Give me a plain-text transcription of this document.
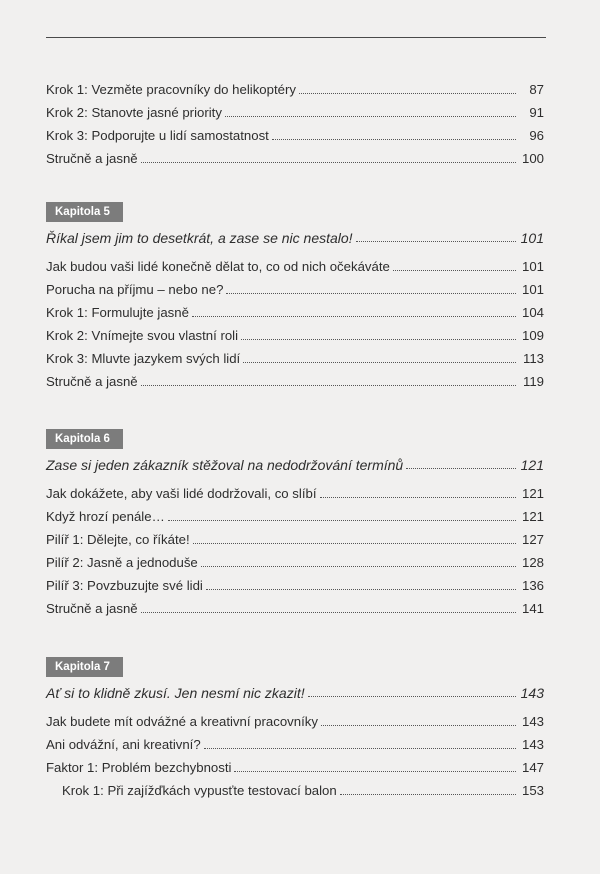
Krok 1: Vezměte pracovníky do helikoptéry	87
Krok 2: Stanovte jasné priority	91
Krok 3: Podporujte u lidí samostatnost	96
Stručně a jasně	100
Kapitola 5
Říkal jsem jim to desetkrát, a zase se nic nestalo!	101
Jak budou vaši lidé konečně dělat to, co od nich očekáváte	101
Porucha na příjmu – nebo ne?	101
Krok 1: Formulujte jasně	104
Krok 2: Vnímejte svou vlastní roli	109
Krok 3: Mluvte jazykem svých lidí	113
Stručně a jasně	119
Kapitola 6
Zase si jeden zákazník stěžoval na nedodržování termínů	121
Jak dokážete, aby vaši lidé dodržovali, co slíbí	121
Když hrozí penále…	121
Pilíř 1: Dělejte, co říkáte!	127
Pilíř 2: Jasně a jednoduše	128
Pilíř 3: Povzbuzujte své lidi	136
Stručně a jasně	141
Kapitola 7
Ať si to klidně zkusí. Jen nesmí nic zkazit!	143
Jak budete mít odvážné a kreativní pracovníky	143
Ani odvážní, ani kreativní?	143
Faktor 1: Problém bezchybnosti	147
Krok 1: Při zajížďkách vypusťte testovací balon	153
